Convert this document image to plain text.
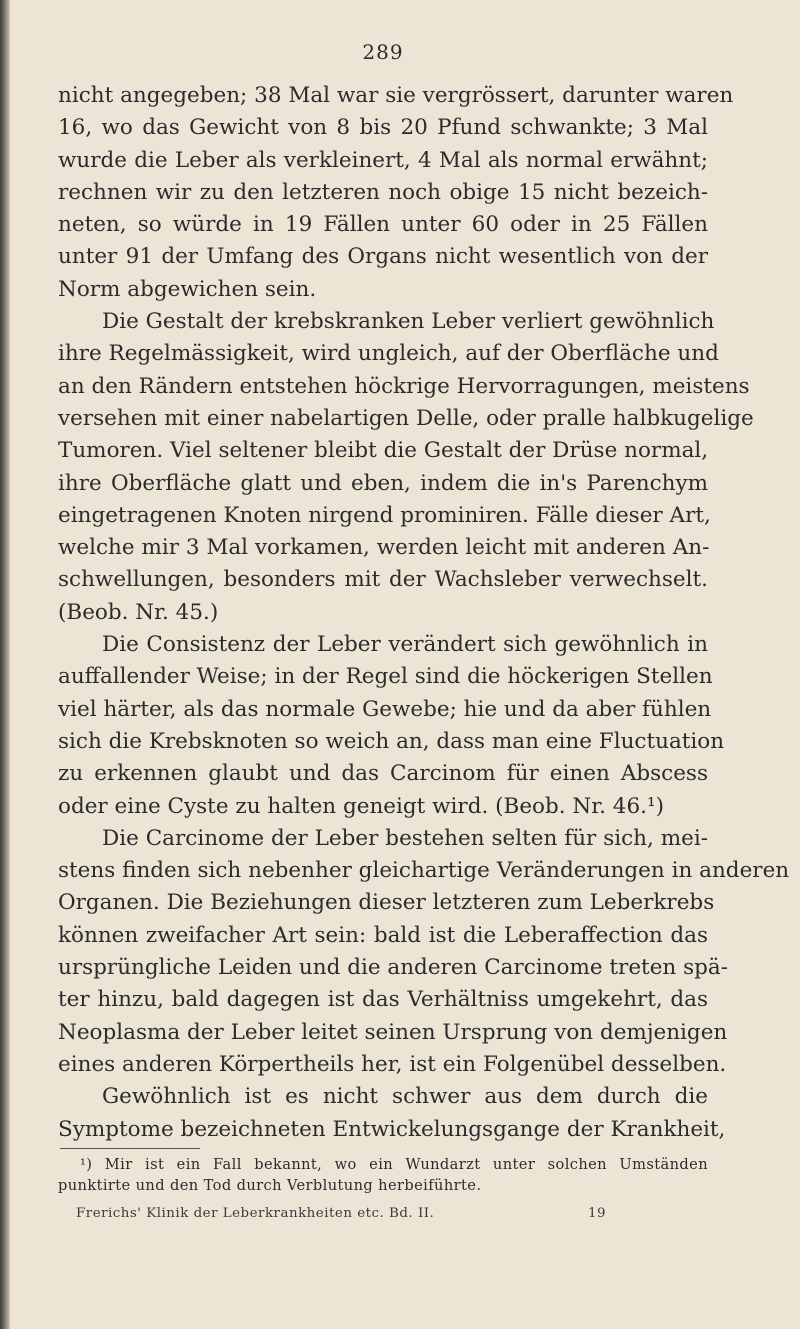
289
nicht angegeben; 38 Mal war sie vergrössert, darunter waren
16, wo das Gewicht von 8 bis 20 Pfund schwankte; 3 Mal
wurde die Leber als verkleinert, 4 Mal als normal erwähnt;
rechnen wir zu den letzteren noch obige 15 nicht bezeich-
neten, so würde in 19 Fällen unter 60 oder in 25 Fällen
unter 91 der Umfang des Organs nicht wesentlich von der
Norm abgewichen sein.
Die Gestalt der krebskranken Leber verliert gewöhnlich
ihre Regelmässigkeit, wird ungleich, auf der Oberfläche und
an den Rändern entstehen höckrige Hervorragungen, meistens
versehen mit einer nabelartigen Delle, oder pralle halbkugelige
Tumoren. Viel seltener bleibt die Gestalt der Drüse normal,
ihre Oberfläche glatt und eben, indem die in's Parenchym
eingetragenen Knoten nirgend prominiren. Fälle dieser Art,
welche mir 3 Mal vorkamen, werden leicht mit anderen An-
schwellungen, besonders mit der Wachsleber verwechselt.
(Beob. Nr. 45.)
Die Consistenz der Leber verändert sich gewöhnlich in
auffallender Weise; in der Regel sind die höckerigen Stellen
viel härter, als das normale Gewebe; hie und da aber fühlen
sich die Krebsknoten so weich an, dass man eine Fluctuation
zu erkennen glaubt und das Carcinom für einen Abscess
oder eine Cyste zu halten geneigt wird. (Beob. Nr. 46.¹)
Die Carcinome der Leber bestehen selten für sich, mei-
stens finden sich nebenher gleichartige Veränderungen in anderen
Organen. Die Beziehungen dieser letzteren zum Leberkrebs
können zweifacher Art sein: bald ist die Leberaffection das
ursprüngliche Leiden und die anderen Carcinome treten spä-
ter hinzu, bald dagegen ist das Verhältniss umgekehrt, das
Neoplasma der Leber leitet seinen Ursprung von demjenigen
eines anderen Körpertheils her, ist ein Folgenübel desselben.
Gewöhnlich ist es nicht schwer aus dem durch die
Symptome bezeichneten Entwickelungsgange der Krankheit,
¹) Mir ist ein Fall bekannt, wo ein Wundarzt unter solchen Umständen
punktirte und den Tod durch Verblutung herbeiführte.
Frerichs' Klinik der Leberkrankheiten etc. Bd. II.	19
